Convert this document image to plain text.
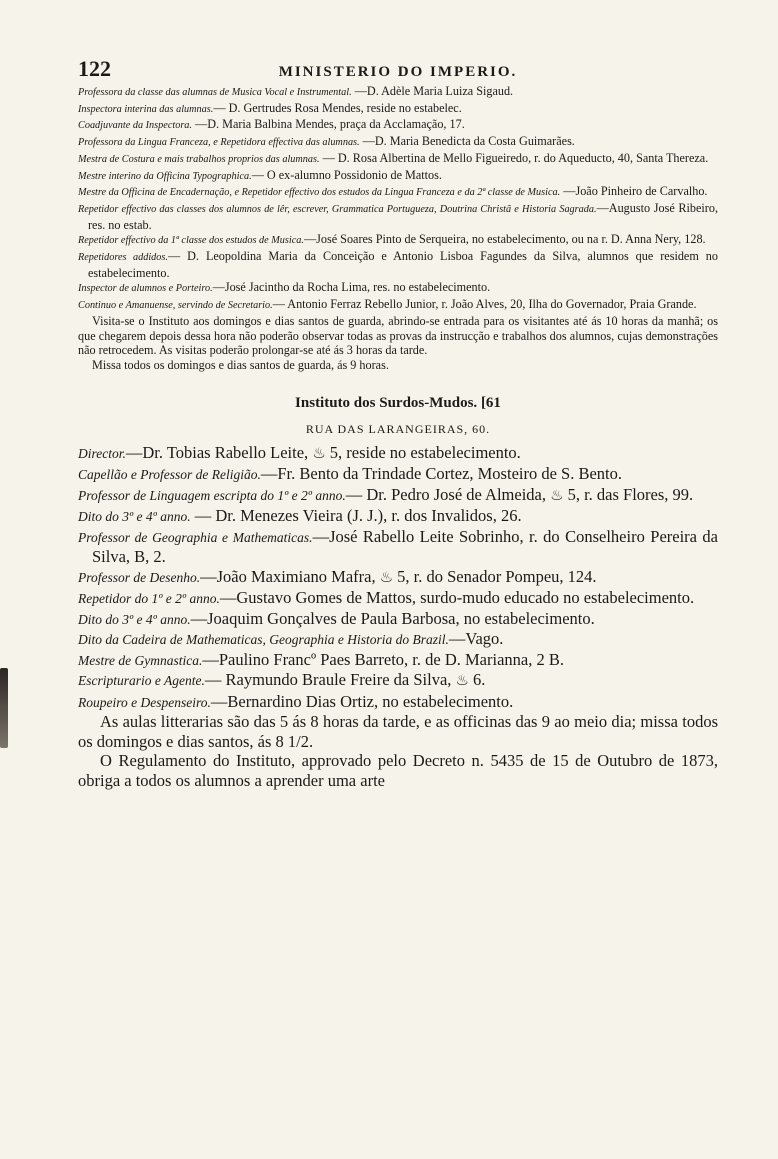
122	MINISTERIO DO IMPERIO.

Professora da classe das alumnas de Musica Vocal e Instrumental. —D. Adèle Maria Luiza Sigaud.

Inspectora interina das alumnas.— D. Gertrudes Rosa Mendes, reside no estabelec.

Coadjuvante da Inspectora. —D. Maria Balbina Mendes, praça da Acclamação, 17.

Professora da Lingua Franceza, e Repetidora effectiva das alumnas. —D. Maria Benedicta da Costa Guimarães.

Mestra de Costura e mais trabalhos proprios das alumnas. — D. Rosa Albertina de Mello Figueiredo, r. do Aqueducto, 40, Santa Thereza.

Mestre interino da Officina Typographica.— O ex-alumno Possidonio de Mattos.

Mestre da Officina de Encadernação, e Repetidor effectivo dos estudos da Lingua Franceza e da 2ª classe de Musica. —João Pinheiro de Carvalho.

Repetidor effectivo das classes dos alumnos de lêr, escrever, Grammatica Portugueza, Doutrina Christã e Historia Sagrada.—Augusto José Ribeiro, res. no estab.

Repetidor effectivo da 1ª classe dos estudos de Musica.—José Soares Pinto de Serqueira, no estabelecimento, ou na r. D. Anna Nery, 128.

Repetidores addidos.— D. Leopoldina Maria da Conceição e Antonio Lisboa Fagundes da Silva, alumnos que residem no estabelecimento.

Inspector de alumnos e Porteiro.—José Jacintho da Rocha Lima, res. no estabelecimento.

Continuo e Amanuense, servindo de Secretario.— Antonio Ferraz Rebello Junior, r. João Alves, 20, Ilha do Governador, Praia Grande.

Visita-se o Instituto aos domingos e dias santos de guarda, abrindo-se entrada para os visitantes até ás 10 horas da manhã; os que chegarem depois dessa hora não poderão observar todas as provas da instrucção e trabalhos dos alumnos, cujas demonstrações não retrocedem. As visitas poderão prolongar-se até ás 3 horas da tarde.

Missa todos os domingos e dias santos de guarda, ás 9 horas.

Instituto dos Surdos-Mudos. [61
RUA DAS LARANGEIRAS, 60.

Director.—Dr. Tobias Rabello Leite, ♨ 5, reside no estabelecimento.

Capellão e Professor de Religião.—Fr. Bento da Trindade Cortez, Mosteiro de S. Bento.

Professor de Linguagem escripta do 1º e 2º anno.— Dr. Pedro José de Almeida, ♨ 5, r. das Flores, 99.

Dito do 3º e 4º anno. — Dr. Menezes Vieira (J. J.), r. dos Invalidos, 26.

Professor de Geographia e Mathematicas.—José Rabello Leite Sobrinho, r. do Conselheiro Pereira da Silva, B, 2.

Professor de Desenho.—João Maximiano Mafra, ♨ 5, r. do Senador Pompeu, 124.

Repetidor do 1º e 2º anno.—Gustavo Gomes de Mattos, surdo-mudo educado no estabelecimento.

Dito do 3º e 4º anno.—Joaquim Gonçalves de Paula Barbosa, no estabelecimento.

Dito da Cadeira de Mathematicas, Geographia e Historia do Brazil.—Vago.

Mestre de Gymnastica.—Paulino Francº Paes Barreto, r. de D. Marianna, 2 B.

Escripturario e Agente.— Raymundo Braule Freire da Silva, ♨ 6.

Roupeiro e Despenseiro.—Bernardino Dias Ortiz, no estabelecimento.

As aulas litterarias são das 5 ás 8 horas da tarde, e as officinas das 9 ao meio dia; missa todos os domingos e dias santos, ás 8 1/2.

O Regulamento do Instituto, approvado pelo Decreto n. 5435 de 15 de Outubro de 1873, obriga a todos os alumnos a aprender uma arte
